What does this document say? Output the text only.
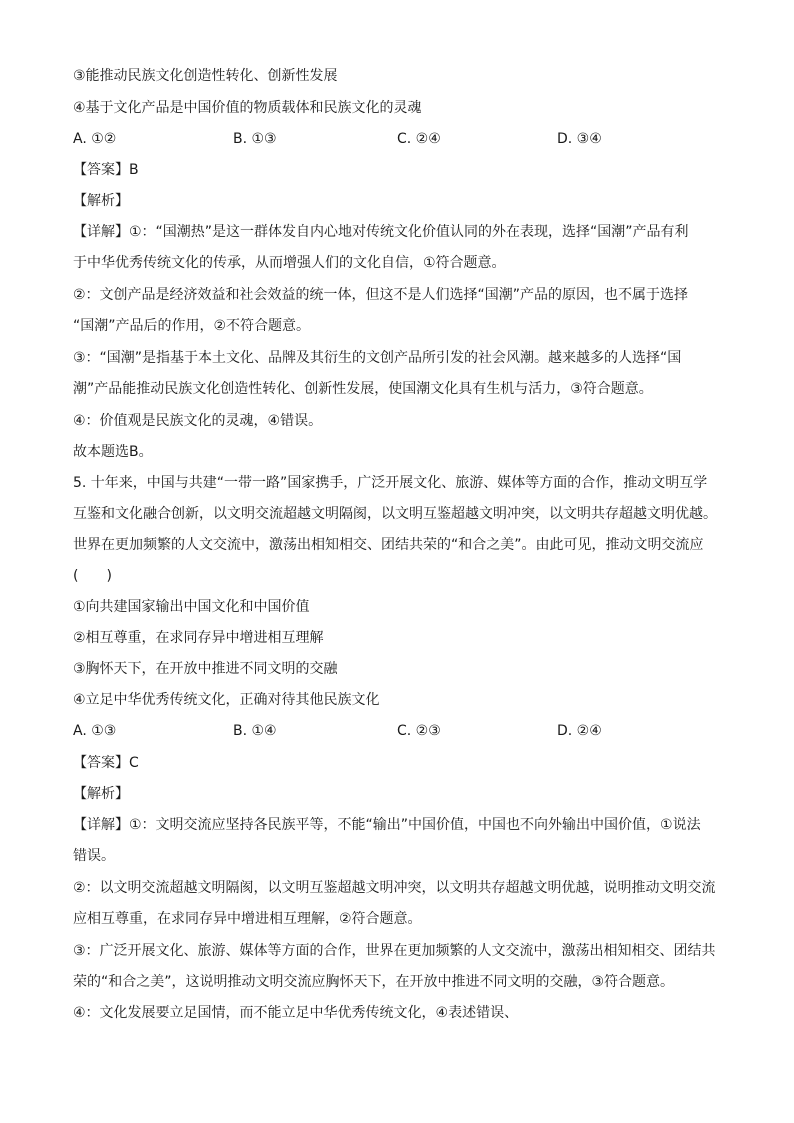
③能推动民族文化创造性转化、创新性发展
④基于文化产品是中国价值的物质载体和民族文化的灵魂
A. ①②	B. ①③	C. ②④	D. ③④
【答案】B
【解析】
【详解】①：“国潮热”是这一群体发自内心地对传统文化价值认同的外在表现，选择“国潮”产品有利
于中华优秀传统文化的传承，从而增强人们的文化自信，①符合题意。
②：文创产品是经济效益和社会效益的统一体，但这不是人们选择“国潮”产品的原因，也不属于选择
“国潮”产品后的作用，②不符合题意。
③：“国潮”是指基于本土文化、品牌及其衍生的文创产品所引发的社会风潮。越来越多的人选择“国
潮”产品能推动民族文化创造性转化、创新性发展，使国潮文化具有生机与活力，③符合题意。
④：价值观是民族文化的灵魂，④错误。
故本题选B。
5. 十年来，中国与共建“一带一路”国家携手，广泛开展文化、旅游、媒体等方面的合作，推动文明互学
互鉴和文化融合创新，以文明交流超越文明隔阂，以文明互鉴超越文明冲突，以文明共存超越文明优越。
世界在更加频繁的人文交流中，激荡出相知相交、团结共荣的“和合之美”。由此可见，推动文明交流应
(　　)
①向共建国家输出中国文化和中国价值
②相互尊重，在求同存异中增进相互理解
③胸怀天下，在开放中推进不同文明的交融
④立足中华优秀传统文化，正确对待其他民族文化
A. ①③	B. ①④	C. ②③	D. ②④
【答案】C
【解析】
【详解】①：文明交流应坚持各民族平等，不能“输出”中国价值，中国也不向外输出中国价值，①说法
错误。
②：以文明交流超越文明隔阂，以文明互鉴超越文明冲突，以文明共存超越文明优越，说明推动文明交流
应相互尊重，在求同存异中增进相互理解，②符合题意。
③：广泛开展文化、旅游、媒体等方面的合作，世界在更加频繁的人文交流中，激荡出相知相交、团结共
荣的“和合之美”，这说明推动文明交流应胸怀天下，在开放中推进不同文明的交融，③符合题意。
④：文化发展要立足国情，而不能立足中华优秀传统文化，④表述错误、
